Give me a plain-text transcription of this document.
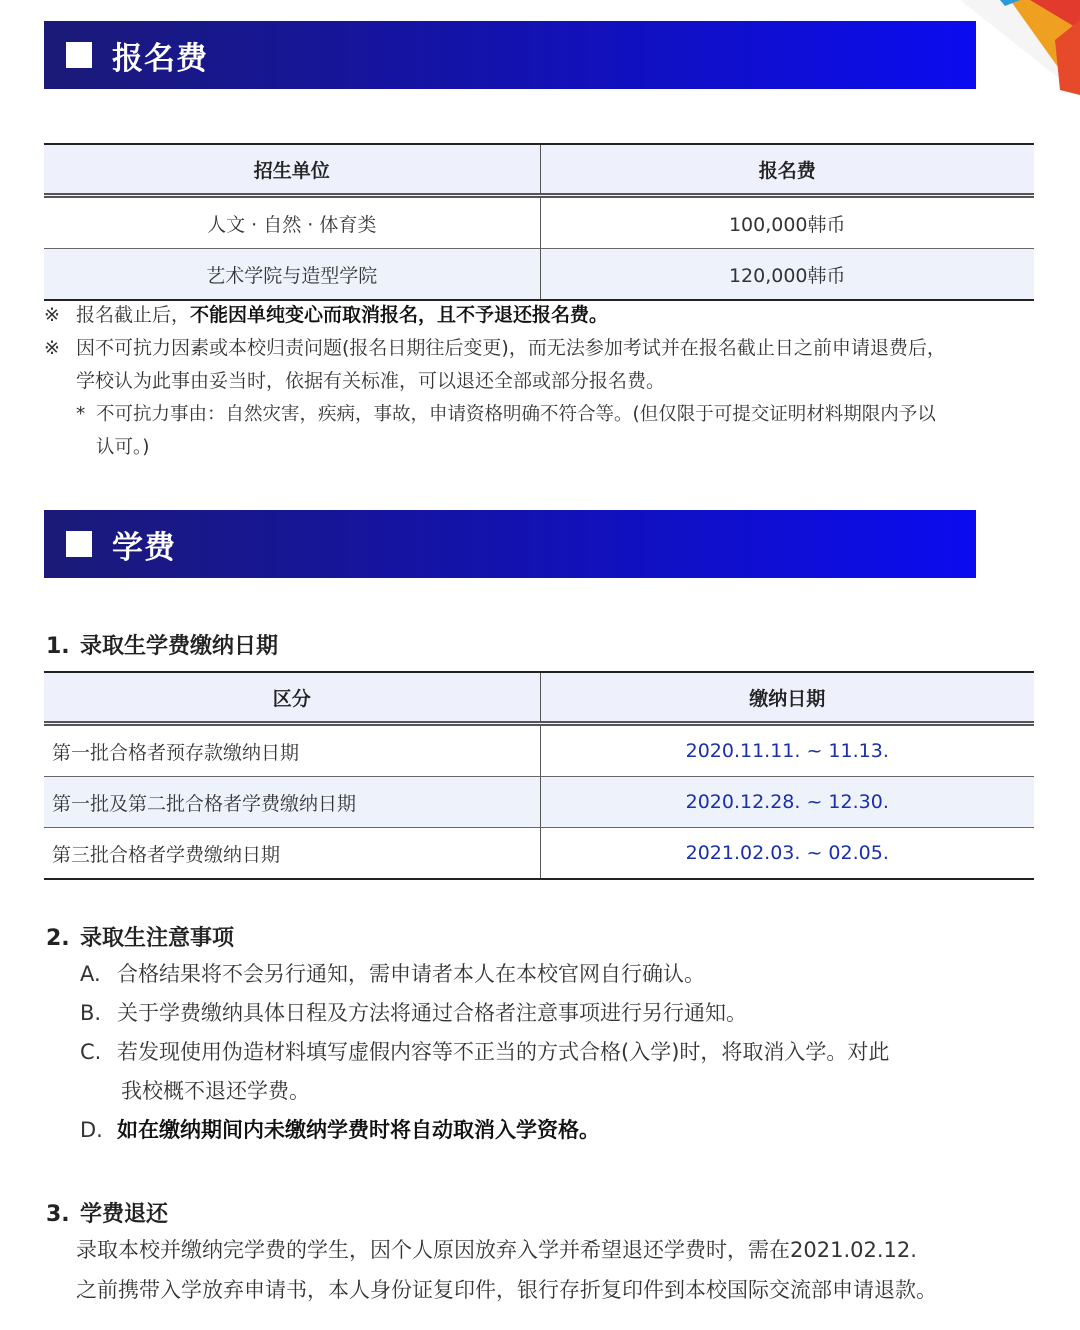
报名费
招生单位	报名费
人文 · 自然 · 体育类	100,000韩币
艺术学院与造型学院	120,000韩币
※ 报名截止后，不能因单纯变心而取消报名，且不予退还报名费。
※ 因不可抗力因素或本校归责问题(报名日期往后变更)，而无法参加考试并在报名截止日之前申请退费后，
学校认为此事由妥当时，依据有关标准，可以退还全部或部分报名费。
* 不可抗力事由：自然灾害，疾病，事故，申请资格明确不符合等。(但仅限于可提交证明材料期限内予以
认可。)
学费
1. 录取生学费缴纳日期
区分	缴纳日期
第一批合格者预存款缴纳日期	2020.11.11. ~ 11.13.
第一批及第二批合格者学费缴纳日期	2020.12.28. ~ 12.30.
第三批合格者学费缴纳日期	2021.02.03. ~ 02.05.
2. 录取生注意事项
A. 合格结果将不会另行通知，需申请者本人在本校官网自行确认。
B. 关于学费缴纳具体日程及方法将通过合格者注意事项进行另行通知。
C. 若发现使用伪造材料填写虚假内容等不正当的方式合格(入学)时，将取消入学。对此
我校概不退还学费。
D. 如在缴纳期间内未缴纳学费时将自动取消入学资格。
3. 学费退还
录取本校并缴纳完学费的学生，因个人原因放弃入学并希望退还学费时，需在2021.02.12.
之前携带入学放弃申请书，本人身份证复印件，银行存折复印件到本校国际交流部申请退款。
